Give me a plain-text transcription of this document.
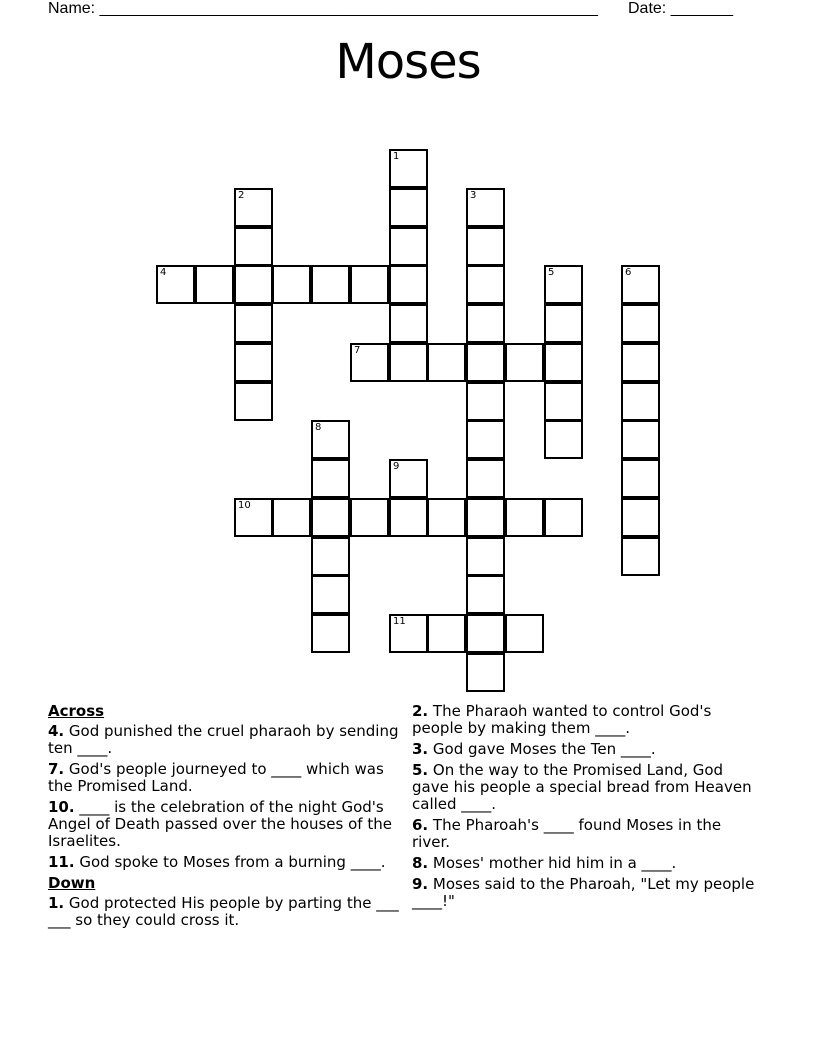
Name: ________________________________________________________ Date: _______
Moses
1
2	3
4	5	6
7
8
9
10
11
Across
4. God punished the cruel pharaoh by sending ten ____.
7. God's people journeyed to ____ which was the Promised Land.
10. ____ is the celebration of the night God's Angel of Death passed over the houses of the Israelites.
11. God spoke to Moses from a burning ____.
Down
1. God protected His people by parting the ___ ___ so they could cross it.
2. The Pharaoh wanted to control God's people by making them ____.
3. God gave Moses the Ten ____.
5. On the way to the Promised Land, God gave his people a special bread from Heaven called ____.
6. The Pharoah's ____ found Moses in the river.
8. Moses' mother hid him in a ____.
9. Moses said to the Pharoah, "Let my people ____!"
